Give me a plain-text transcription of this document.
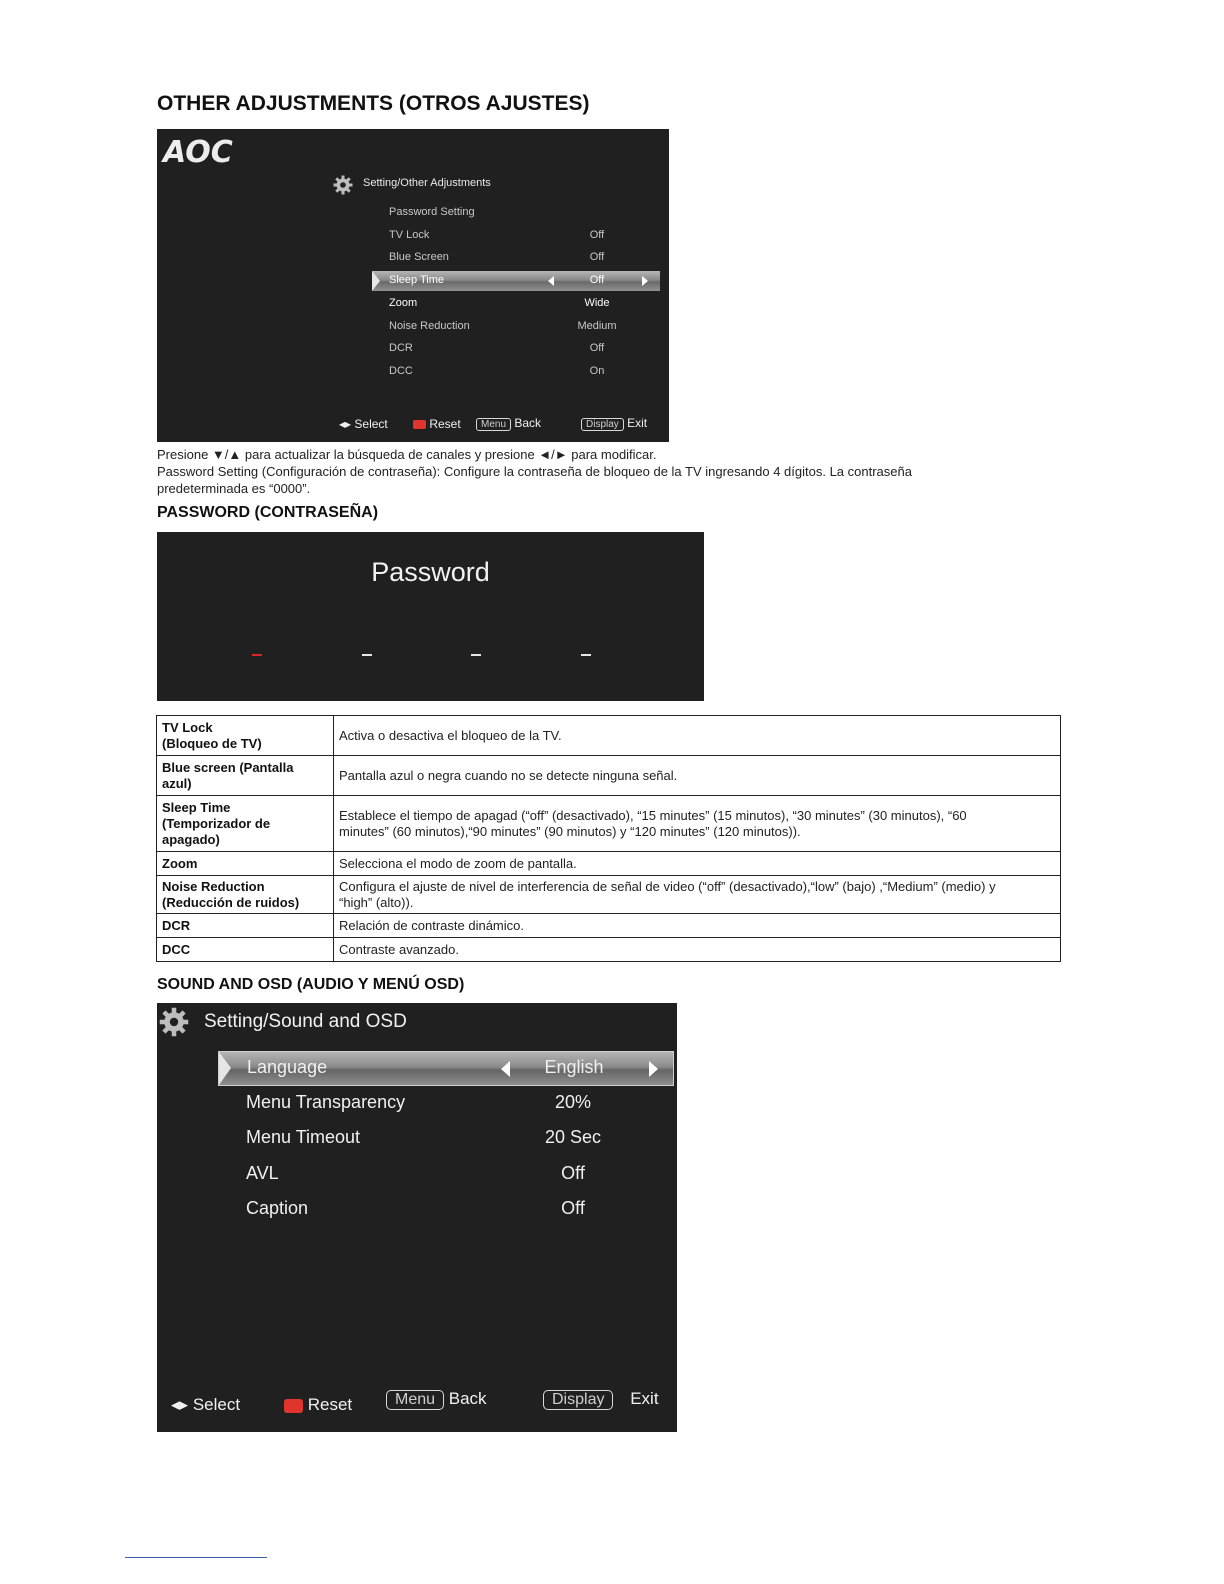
OTHER ADJUSTMENTS (OTROS AJUSTES)
AOC
Setting/Other Adjustments
Password Setting
TV Lock	Off
Blue Screen	Off
Sleep Time	Off
Zoom	Wide
Noise Reduction	Medium
DCR	Off
DCC	On
◂▸ Select	Reset	Menu Back	Display Exit
Presione ▼/▲ para actualizar la búsqueda de canales y presione ◄/► para modificar.
Password Setting (Configuración de contraseña): Configure la contraseña de bloqueo de la TV ingresando 4 dígitos. La contraseña
predeterminada es “0000”.
PASSWORD (CONTRASEÑA)
Password
TV Lock
(Bloqueo de TV)	Activa o desactiva el bloqueo de la TV.
Blue screen (Pantalla
azul)	Pantalla azul o negra cuando no se detecte ninguna señal.
Sleep Time
(Temporizador de
apagado)	Establece el tiempo de apagad (“off” (desactivado), “15 minutes” (15 minutos), “30 minutes” (30 minutos), “60
minutes” (60 minutos),“90 minutes” (90 minutos) y “120 minutes” (120 minutos)).
Zoom	Selecciona el modo de zoom de pantalla.
Noise Reduction
(Reducción de ruidos)	Configura el ajuste de nivel de interferencia de señal de video (“off” (desactivado),“low” (bajo) ,“Medium” (medio) y
“high” (alto)).
DCR	Relación de contraste dinámico.
DCC	Contraste avanzado.
SOUND AND OSD (AUDIO Y MENÚ OSD)
Setting/Sound and OSD
Language	English
Menu Transparency	20%
Menu Timeout	20 Sec
AVL	Off
Caption	Off
◂▸ Select	Reset	Menu Back	Display Exit
